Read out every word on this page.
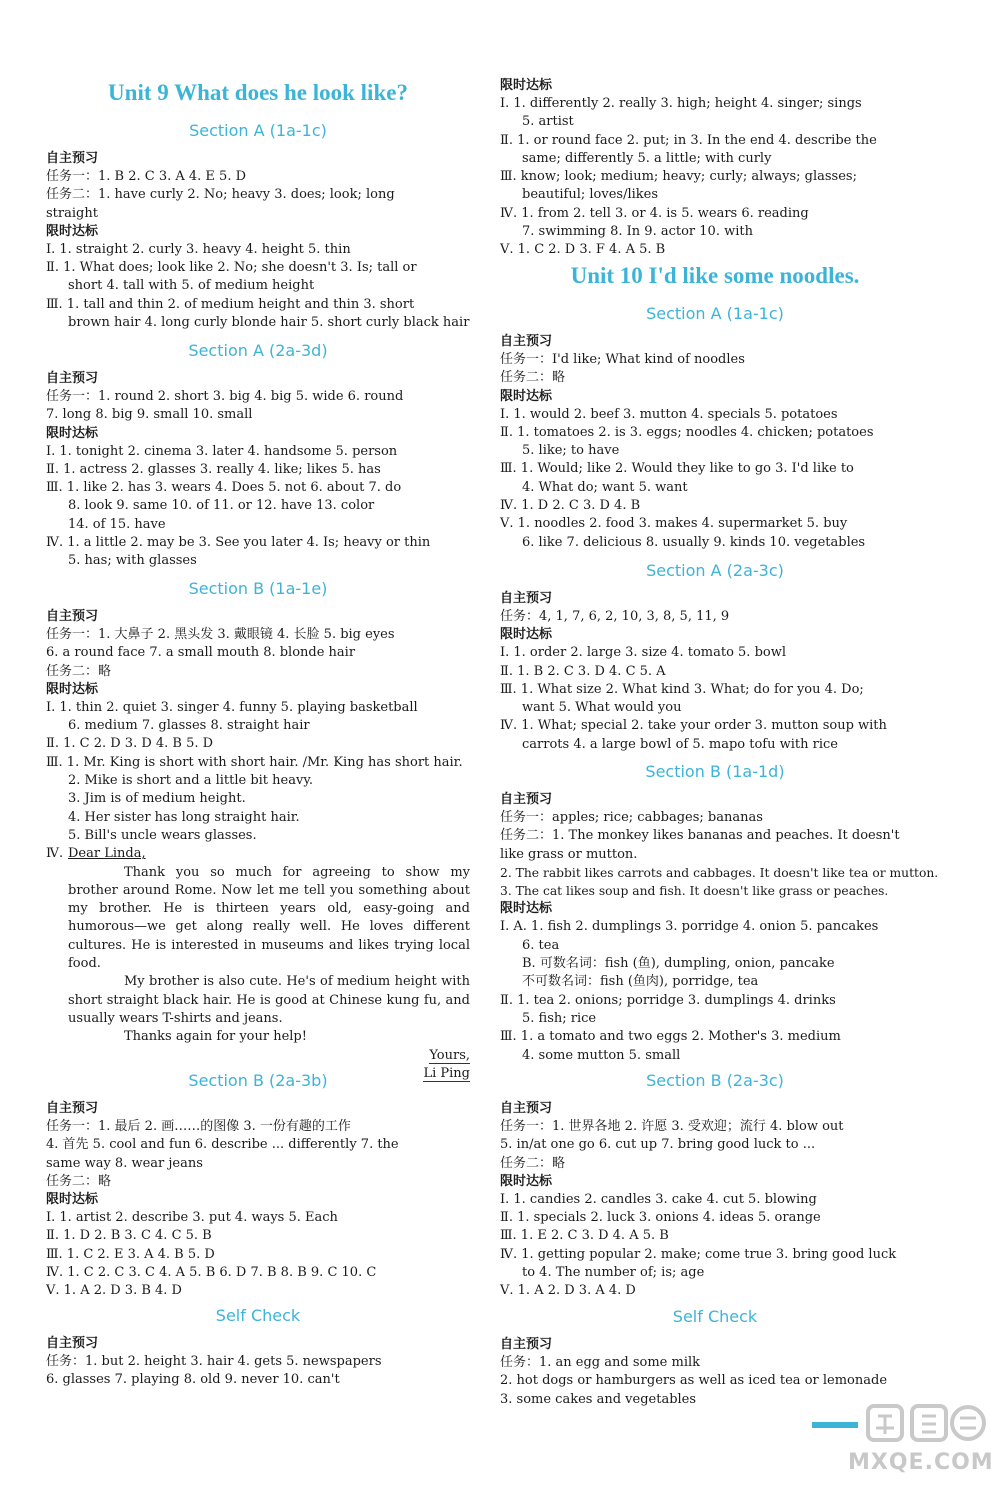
Unit 9 What does he look like?
Section A (1a-1c)
自主预习
任务一：1. B 2. C 3. A 4. E 5. D
任务二：1. have curly 2. No; heavy 3. does; look; long
straight
限时达标
Ⅰ. 1. straight 2. curly 3. heavy 4. height 5. thin
Ⅱ. 1. What does; look like 2. No; she doesn't 3. Is; tall or
short 4. tall with 5. of medium height
Ⅲ. 1. tall and thin 2. of medium height and thin 3. short
brown hair 4. long curly blonde hair 5. short curly black hair
Section A (2a-3d)
自主预习
任务一：1. round 2. short 3. big 4. big 5. wide 6. round
7. long 8. big 9. small 10. small
限时达标
Ⅰ. 1. tonight 2. cinema 3. later 4. handsome 5. person
Ⅱ. 1. actress 2. glasses 3. really 4. like; likes 5. has
Ⅲ. 1. like 2. has 3. wears 4. Does 5. not 6. about 7. do
8. look 9. same 10. of 11. or 12. have 13. color
14. of 15. have
Ⅳ. 1. a little 2. may be 3. See you later 4. Is; heavy or thin
5. has; with glasses
Section B (1a-1e)
自主预习
任务一：1. 大鼻子 2. 黑头发 3. 戴眼镜 4. 长脸 5. big eyes
6. a round face 7. a small mouth 8. blonde hair
任务二：略
限时达标
Ⅰ. 1. thin 2. quiet 3. singer 4. funny 5. playing basketball
6. medium 7. glasses 8. straight hair
Ⅱ. 1. C 2. D 3. D 4. B 5. D
Ⅲ. 1. Mr. King is short with short hair. /Mr. King has short hair.
2. Mike is short and a little bit heavy.
3. Jim is of medium height.
4. Her sister has long straight hair.
5. Bill's uncle wears glasses.
Ⅳ. Dear Linda,
Thank you so much for agreeing to show my brother around Rome. Now let me tell you something about my brother. He is thirteen years old, easy-going and humorous—we get along really well. He loves different cultures. He is interested in museums and likes trying local food.
My brother is also cute. He's of medium height with short straight black hair. He is good at Chinese kung fu, and usually wears T-shirts and jeans.
Thanks again for your help!
Yours,
Li Ping
Section B (2a-3b)
自主预习
任务一：1. 最后 2. 画……的图像 3. 一份有趣的工作
4. 首先 5. cool and fun 6. describe ... differently 7. the
same way 8. wear jeans
任务二：略
限时达标
Ⅰ. 1. artist 2. describe 3. put 4. ways 5. Each
Ⅱ. 1. D 2. B 3. C 4. C 5. B
Ⅲ. 1. C 2. E 3. A 4. B 5. D
Ⅳ. 1. C 2. C 3. C 4. A 5. B 6. D 7. B 8. B 9. C 10. C
Ⅴ. 1. A 2. D 3. B 4. D
Self Check
自主预习
任务：1. but 2. height 3. hair 4. gets 5. newspapers
6. glasses 7. playing 8. old 9. never 10. can't
限时达标
Ⅰ. 1. differently 2. really 3. high; height 4. singer; sings
5. artist
Ⅱ. 1. or round face 2. put; in 3. In the end 4. describe the
same; differently 5. a little; with curly
Ⅲ. know; look; medium; heavy; curly; always; glasses;
beautiful; loves/likes
Ⅳ. 1. from 2. tell 3. or 4. is 5. wears 6. reading
7. swimming 8. In 9. actor 10. with
Ⅴ. 1. C 2. D 3. F 4. A 5. B
Unit 10 I'd like some noodles.
Section A (1a-1c)
自主预习
任务一：I'd like; What kind of noodles
任务二：略
限时达标
Ⅰ. 1. would 2. beef 3. mutton 4. specials 5. potatoes
Ⅱ. 1. tomatoes 2. is 3. eggs; noodles 4. chicken; potatoes
5. like; to have
Ⅲ. 1. Would; like 2. Would they like to go 3. I'd like to
4. What do; want 5. want
Ⅳ. 1. D 2. C 3. D 4. B
Ⅴ. 1. noodles 2. food 3. makes 4. supermarket 5. buy
6. like 7. delicious 8. usually 9. kinds 10. vegetables
Section A (2a-3c)
自主预习
任务：4, 1, 7, 6, 2, 10, 3, 8, 5, 11, 9
限时达标
Ⅰ. 1. order 2. large 3. size 4. tomato 5. bowl
Ⅱ. 1. B 2. C 3. D 4. C 5. A
Ⅲ. 1. What size 2. What kind 3. What; do for you 4. Do;
want 5. What would you
Ⅳ. 1. What; special 2. take your order 3. mutton soup with
carrots 4. a large bowl of 5. mapo tofu with rice
Section B (1a-1d)
自主预习
任务一：apples; rice; cabbages; bananas
任务二：1. The monkey likes bananas and peaches. It doesn't
like grass or mutton.
2. The rabbit likes carrots and cabbages. It doesn't like tea or mutton.
3. The cat likes soup and fish. It doesn't like grass or peaches.
限时达标
Ⅰ. A. 1. fish 2. dumplings 3. porridge 4. onion 5. pancakes
6. tea
B. 可数名词：fish (鱼), dumpling, onion, pancake
不可数名词：fish (鱼肉), porridge, tea
Ⅱ. 1. tea 2. onions; porridge 3. dumplings 4. drinks
5. fish; rice
Ⅲ. 1. a tomato and two eggs 2. Mother's 3. medium
4. some mutton 5. small
Section B (2a-3c)
自主预习
任务一：1. 世界各地 2. 许愿 3. 受欢迎；流行 4. blow out
5. in/at one go 6. cut up 7. bring good luck to ...
任务二：略
限时达标
Ⅰ. 1. candies 2. candles 3. cake 4. cut 5. blowing
Ⅱ. 1. specials 2. luck 3. onions 4. ideas 5. orange
Ⅲ. 1. E 2. C 3. D 4. A 5. B
Ⅳ. 1. getting popular 2. make; come true 3. bring good luck
to 4. The number of; is; age
Ⅴ. 1. A 2. D 3. A 4. D
Self Check
自主预习
任务：1. an egg and some milk
2. hot dogs or hamburgers as well as iced tea or lemonade
3. some cakes and vegetables
MXQE.COM
